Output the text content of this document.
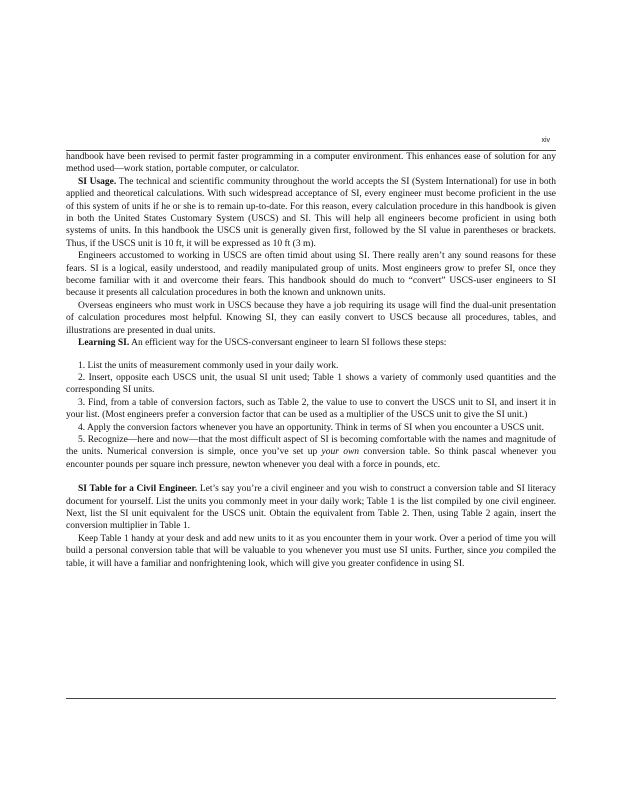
xiv

handbook have been revised to permit faster programming in a computer environment. This enhances ease of solution for any method used—work station, portable computer, or calculator.

SI Usage. The technical and scientific community throughout the world accepts the SI (System International) for use in both applied and theoretical calculations. With such widespread acceptance of SI, every engineer must become proficient in the use of this system of units if he or she is to remain up-to-date. For this reason, every calculation procedure in this handbook is given in both the United States Customary System (USCS) and SI. This will help all engineers become proficient in using both systems of units. In this handbook the USCS unit is generally given first, followed by the SI value in parentheses or brackets. Thus, if the USCS unit is 10 ft, it will be expressed as 10 ft (3 m).

Engineers accustomed to working in USCS are often timid about using SI. There really aren’t any sound reasons for these fears. SI is a logical, easily understood, and readily manipulated group of units. Most engineers grow to prefer SI, once they become familiar with it and overcome their fears. This handbook should do much to “convert” USCS-user engineers to SI because it presents all calculation procedures in both the known and unknown units.

Overseas engineers who must work in USCS because they have a job requiring its usage will find the dual-unit presentation of calculation procedures most helpful. Knowing SI, they can easily convert to USCS because all procedures, tables, and illustrations are presented in dual units.

Learning SI. An efficient way for the USCS-conversant engineer to learn SI follows these steps:

1. List the units of measurement commonly used in your daily work.

2. Insert, opposite each USCS unit, the usual SI unit used; Table 1 shows a variety of commonly used quantities and the corresponding SI units.

3. Find, from a table of conversion factors, such as Table 2, the value to use to convert the USCS unit to SI, and insert it in your list. (Most engineers prefer a conversion factor that can be used as a multiplier of the USCS unit to give the SI unit.)

4. Apply the conversion factors whenever you have an opportunity. Think in terms of SI when you encounter a USCS unit.

5. Recognize—here and now—that the most difficult aspect of SI is becoming comfortable with the names and magnitude of the units. Numerical conversion is simple, once you’ve set up your own conversion table. So think pascal whenever you encounter pounds per square inch pressure, newton whenever you deal with a force in pounds, etc.

SI Table for a Civil Engineer. Let’s say you’re a civil engineer and you wish to construct a conversion table and SI literacy document for yourself. List the units you commonly meet in your daily work; Table 1 is the list compiled by one civil engineer. Next, list the SI unit equivalent for the USCS unit. Obtain the equivalent from Table 2. Then, using Table 2 again, insert the conversion multiplier in Table 1.

Keep Table 1 handy at your desk and add new units to it as you encounter them in your work. Over a period of time you will build a personal conversion table that will be valuable to you whenever you must use SI units. Further, since you compiled the table, it will have a familiar and nonfrightening look, which will give you greater confidence in using SI.
